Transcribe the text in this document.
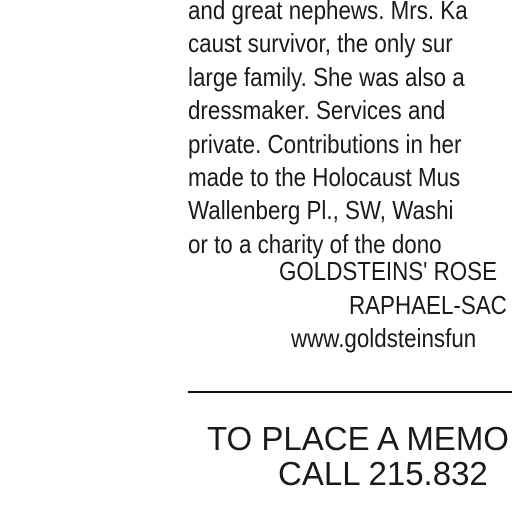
and great nephews. Mrs. Ka
caust survivor, the only sur
large family. She was also a
dressmaker. Services and
private. Contributions in her
made to the Holocaust Mus
Wallenberg Pl., SW, Washi
or to a charity of the dono
GOLDSTEINS' ROSE
RAPHAEL-SAC
www.goldsteinsfun
TO PLACE A MEMO
CALL 215.832
